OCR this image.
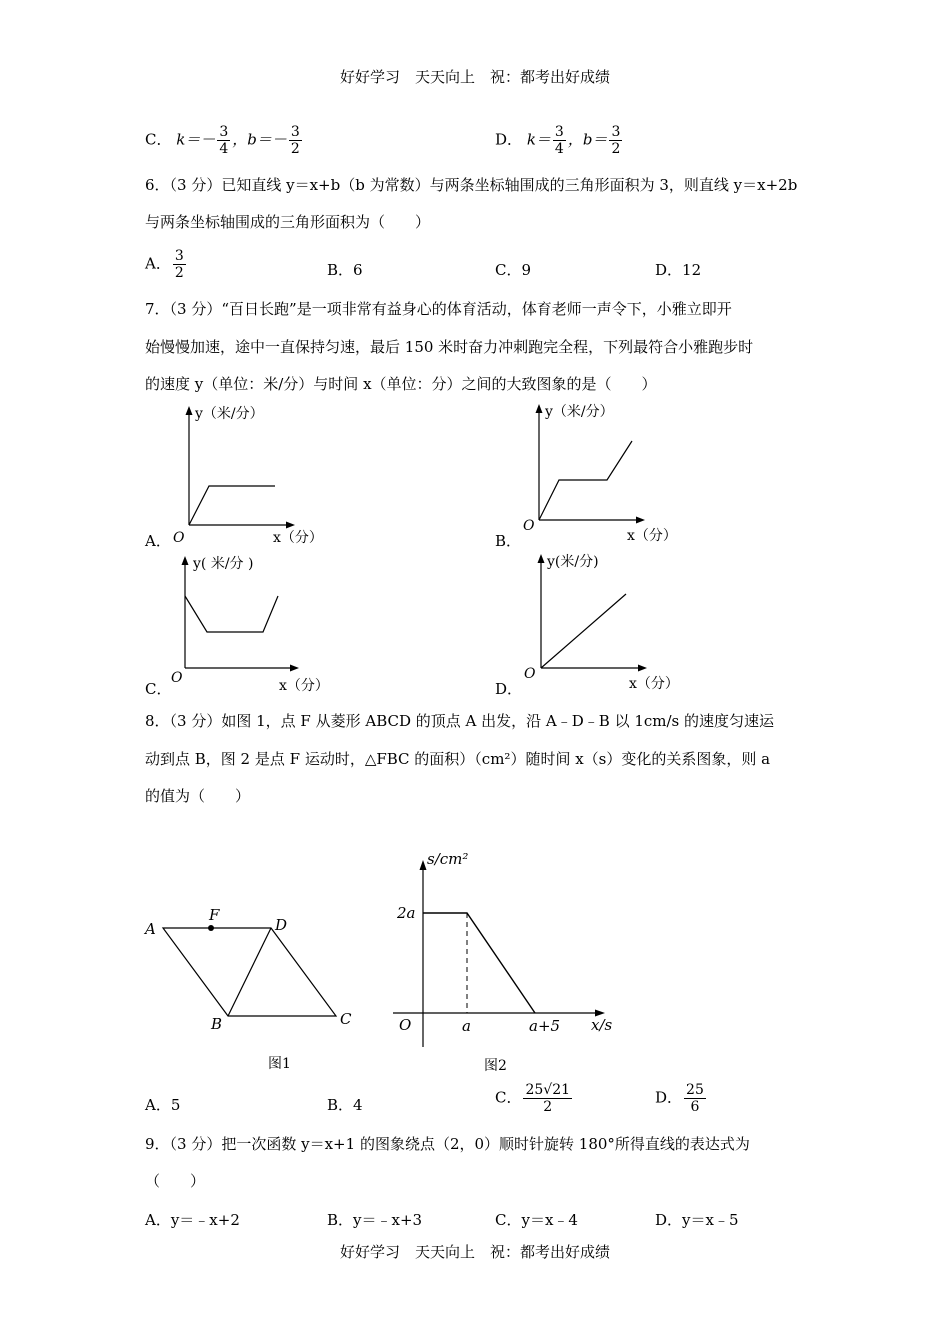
好好学习　天天向上　祝：都考出好成绩
C． $k=- \frac{3}{4}$ ，$b=- \frac{3}{2}$	D． $k= \frac{3}{4}$ ，$b= \frac{3}{2}$
6．（3 分）已知直线 y＝x+b（b 为常数）与两条坐标轴围成的三角形面积为 3，则直线 y＝x+2b
与两条坐标轴围成的三角形面积为（　　）
A． $\frac{3}{2}$	B．6	C．9	D．12
7．（3 分）“百日长跑”是一项非常有益身心的体育活动，体育老师一声令下，小雅立即开
始慢慢加速，途中一直保持匀速，最后 150 米时奋力冲刺跑完全程，下列最符合小雅跑步时
的速度 y（单位：米/分）与时间 x（单位：分）之间的大致图象的是（　　）
A．
y（米/分）
O	x（分）	B．
y（米/分）
O
x（分）
C．
y( 米/分 )
O	x（分）	D．
y(米/分)
O
x（分）
8．（3 分）如图 1，点 F 从菱形 ABCD 的顶点 A 出发，沿 A﹣D﹣B 以 1cm/s 的速度匀速运
动到点 B，图 2 是点 F 运动时，△FBC 的面积）（cm²）随时间 x（s）变化的关系图象，则 a
的值为（　　）
A
F
D
B	C
图1
s/cm²
2a
O	a	a+5 x/s
图2
A．5	B．4	C． $\frac{25√21}{2}$	D． $\frac{25}{6}$
9．（3 分）把一次函数 y＝x+1 的图象绕点（2，0）顺时针旋转 180°所得直线的表达式为
（　　）
A．y＝﹣x+2	B．y＝﹣x+3	C．y＝x﹣4	D．y＝x﹣5
好好学习　天天向上　祝：都考出好成绩
